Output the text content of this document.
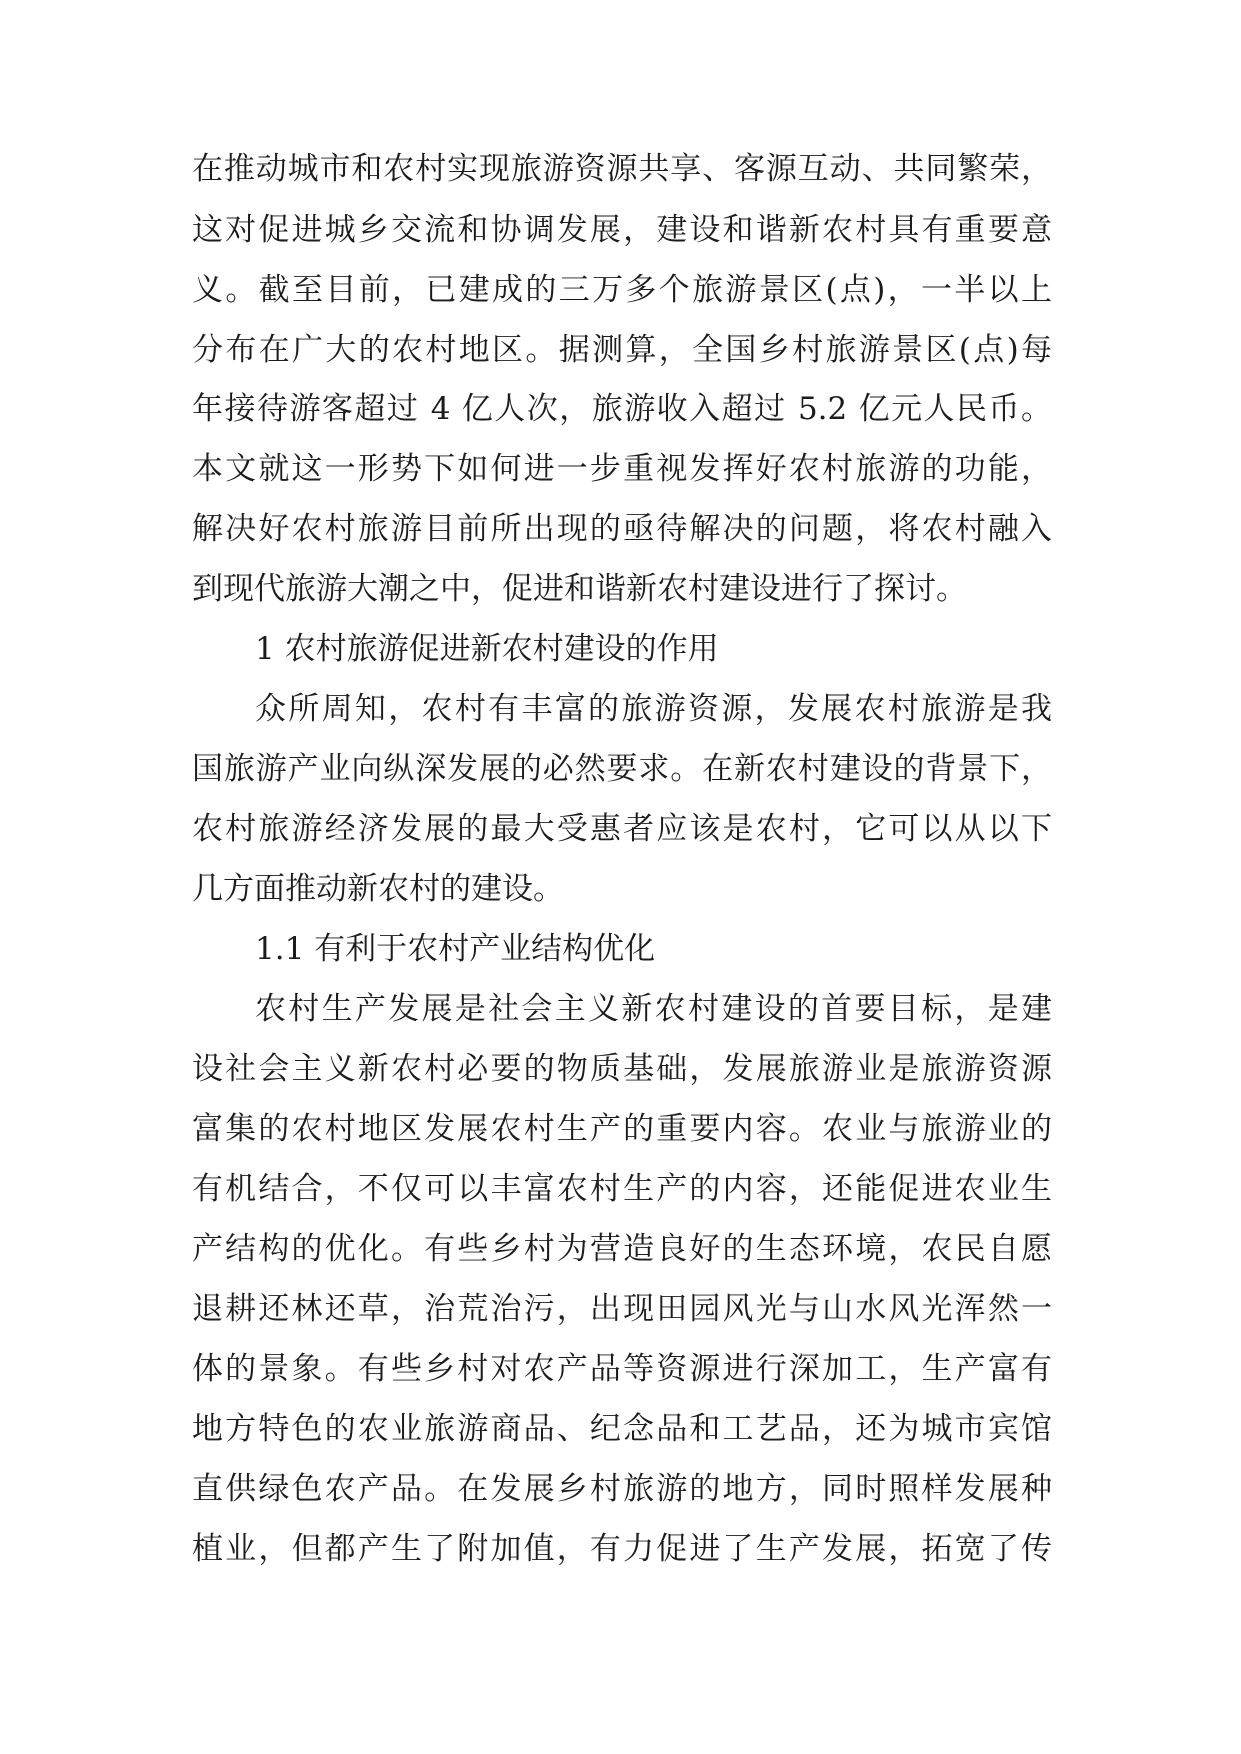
在推动城市和农村实现旅游资源共享、客源互动、共同繁荣，
这对促进城乡交流和协调发展，建设和谐新农村具有重要意
义。截至目前，已建成的三万多个旅游景区(点)，一半以上
分布在广大的农村地区。据测算，全国乡村旅游景区(点)每
年接待游客超过 4 亿人次，旅游收入超过 5.2 亿元人民币。
本文就这一形势下如何进一步重视发挥好农村旅游的功能，
解决好农村旅游目前所出现的亟待解决的问题，将农村融入
到现代旅游大潮之中，促进和谐新农村建设进行了探讨。
1 农村旅游促进新农村建设的作用
众所周知，农村有丰富的旅游资源，发展农村旅游是我
国旅游产业向纵深发展的必然要求。在新农村建设的背景下，
农村旅游经济发展的最大受惠者应该是农村，它可以从以下
几方面推动新农村的建设。
1.1 有利于农村产业结构优化
农村生产发展是社会主义新农村建设的首要目标，是建
设社会主义新农村必要的物质基础，发展旅游业是旅游资源
富集的农村地区发展农村生产的重要内容。农业与旅游业的
有机结合，不仅可以丰富农村生产的内容，还能促进农业生
产结构的优化。有些乡村为营造良好的生态环境，农民自愿
退耕还林还草，治荒治污，出现田园风光与山水风光浑然一
体的景象。有些乡村对农产品等资源进行深加工，生产富有
地方特色的农业旅游商品、纪念品和工艺品，还为城市宾馆
直供绿色农产品。在发展乡村旅游的地方，同时照样发展种
植业，但都产生了附加值，有力促进了生产发展，拓宽了传
